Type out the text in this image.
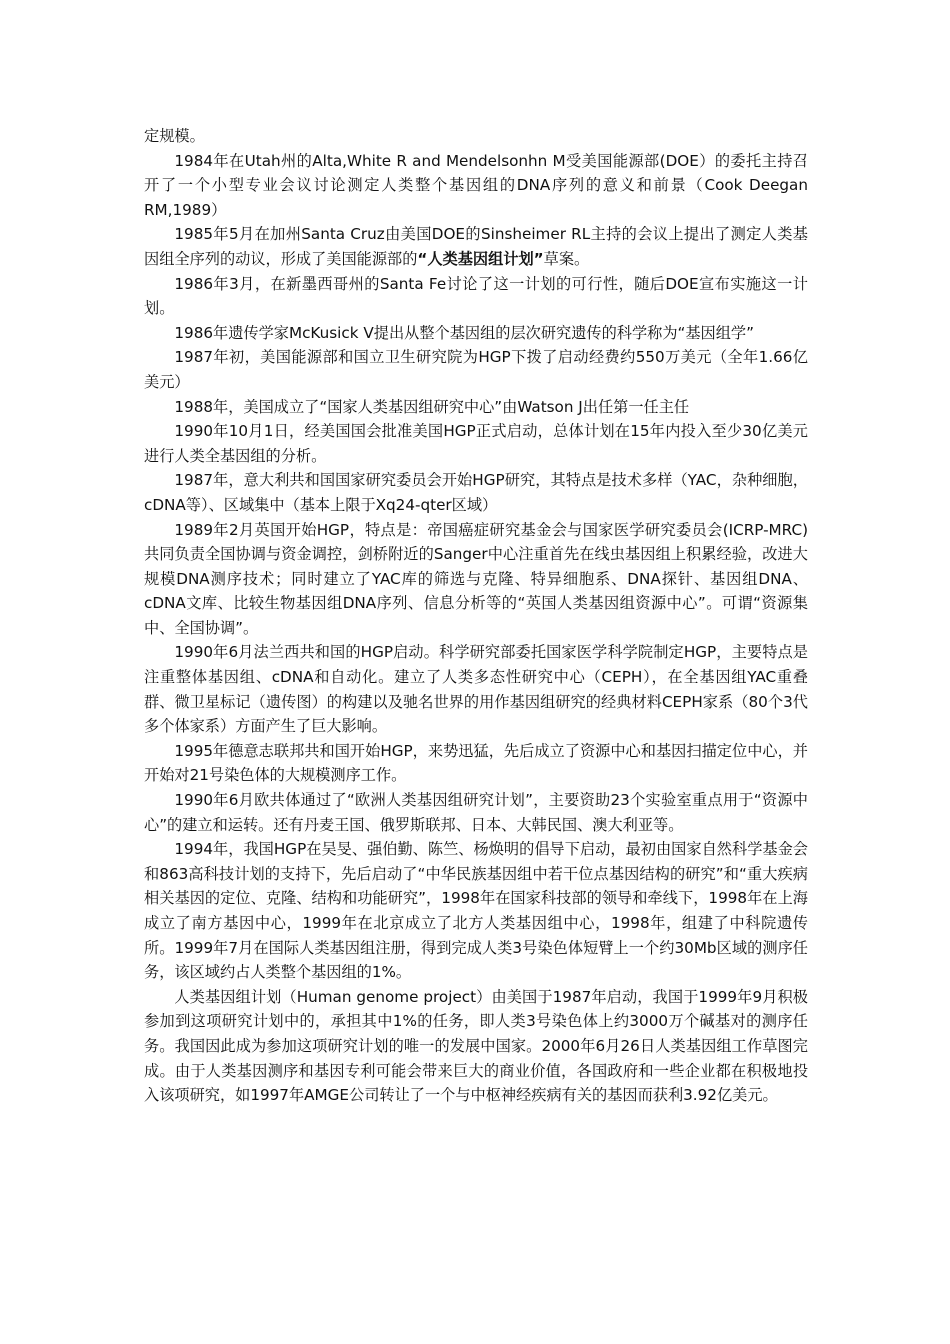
定规模。

1984年在Utah州的Alta,White R and Mendelsonhn M受美国能源部(DOE）的委托主持召开了一个小型专业会议讨论测定人类整个基因组的DNA序列的意义和前景（Cook Deegan RM,1989）

1985年5月在加州Santa Cruz由美国DOE的Sinsheimer RL主持的会议上提出了测定人类基因组全序列的动议，形成了美国能源部的“人类基因组计划”草案。

1986年3月，在新墨西哥州的Santa Fe讨论了这一计划的可行性，随后DOE宣布实施这一计划。

1986年遗传学家McKusick V提出从整个基因组的层次研究遗传的科学称为“基因组学”

1987年初，美国能源部和国立卫生研究院为HGP下拨了启动经费约550万美元（全年1.66亿美元）

1988年，美国成立了“国家人类基因组研究中心”由Watson J出任第一任主任

1990年10月1日，经美国国会批准美国HGP正式启动，总体计划在15年内投入至少30亿美元进行人类全基因组的分析。

1987年，意大利共和国国家研究委员会开始HGP研究，其特点是技术多样（YAC，杂种细胞，cDNA等）、区域集中（基本上限于Xq24-qter区域）

1989年2月英国开始HGP，特点是：帝国癌症研究基金会与国家医学研究委员会(ICRP-MRC)共同负责全国协调与资金调控，剑桥附近的Sanger中心注重首先在线虫基因组上积累经验，改进大规模DNA测序技术；同时建立了YAC库的筛选与克隆、特异细胞系、DNA探针、基因组DNA、cDNA文库、比较生物基因组DNA序列、信息分析等的“英国人类基因组资源中心”。可谓“资源集中、全国协调”。

1990年6月法兰西共和国的HGP启动。科学研究部委托国家医学科学院制定HGP，主要特点是注重整体基因组、cDNA和自动化。建立了人类多态性研究中心（CEPH），在全基因组YAC重叠群、微卫星标记（遗传图）的构建以及驰名世界的用作基因组研究的经典材料CEPH家系（80个3代多个体家系）方面产生了巨大影响。

1995年德意志联邦共和国开始HGP，来势迅猛，先后成立了资源中心和基因扫描定位中心，并开始对21号染色体的大规模测序工作。

1990年6月欧共体通过了“欧洲人类基因组研究计划”，主要资助23个实验室重点用于“资源中心”的建立和运转。还有丹麦王国、俄罗斯联邦、日本、大韩民国、澳大利亚等。

1994年，我国HGP在吴旻、强伯勤、陈竺、杨焕明的倡导下启动，最初由国家自然科学基金会和863高科技计划的支持下，先后启动了“中华民族基因组中若干位点基因结构的研究”和“重大疾病相关基因的定位、克隆、结构和功能研究”，1998年在国家科技部的领导和牵线下，1998年在上海成立了南方基因中心，1999年在北京成立了北方人类基因组中心，1998年，组建了中科院遗传所。1999年7月在国际人类基因组注册，得到完成人类3号染色体短臂上一个约30Mb区域的测序任务，该区域约占人类整个基因组的1%。

人类基因组计划（Human genome project）由美国于1987年启动，我国于1999年9月积极参加到这项研究计划中的，承担其中1%的任务，即人类3号染色体上约3000万个碱基对的测序任务。我国因此成为参加这项研究计划的唯一的发展中国家。2000年6月26日人类基因组工作草图完成。由于人类基因测序和基因专利可能会带来巨大的商业价值，各国政府和一些企业都在积极地投入该项研究，如1997年AMGE公司转让了一个与中枢神经疾病有关的基因而获利3.92亿美元。
